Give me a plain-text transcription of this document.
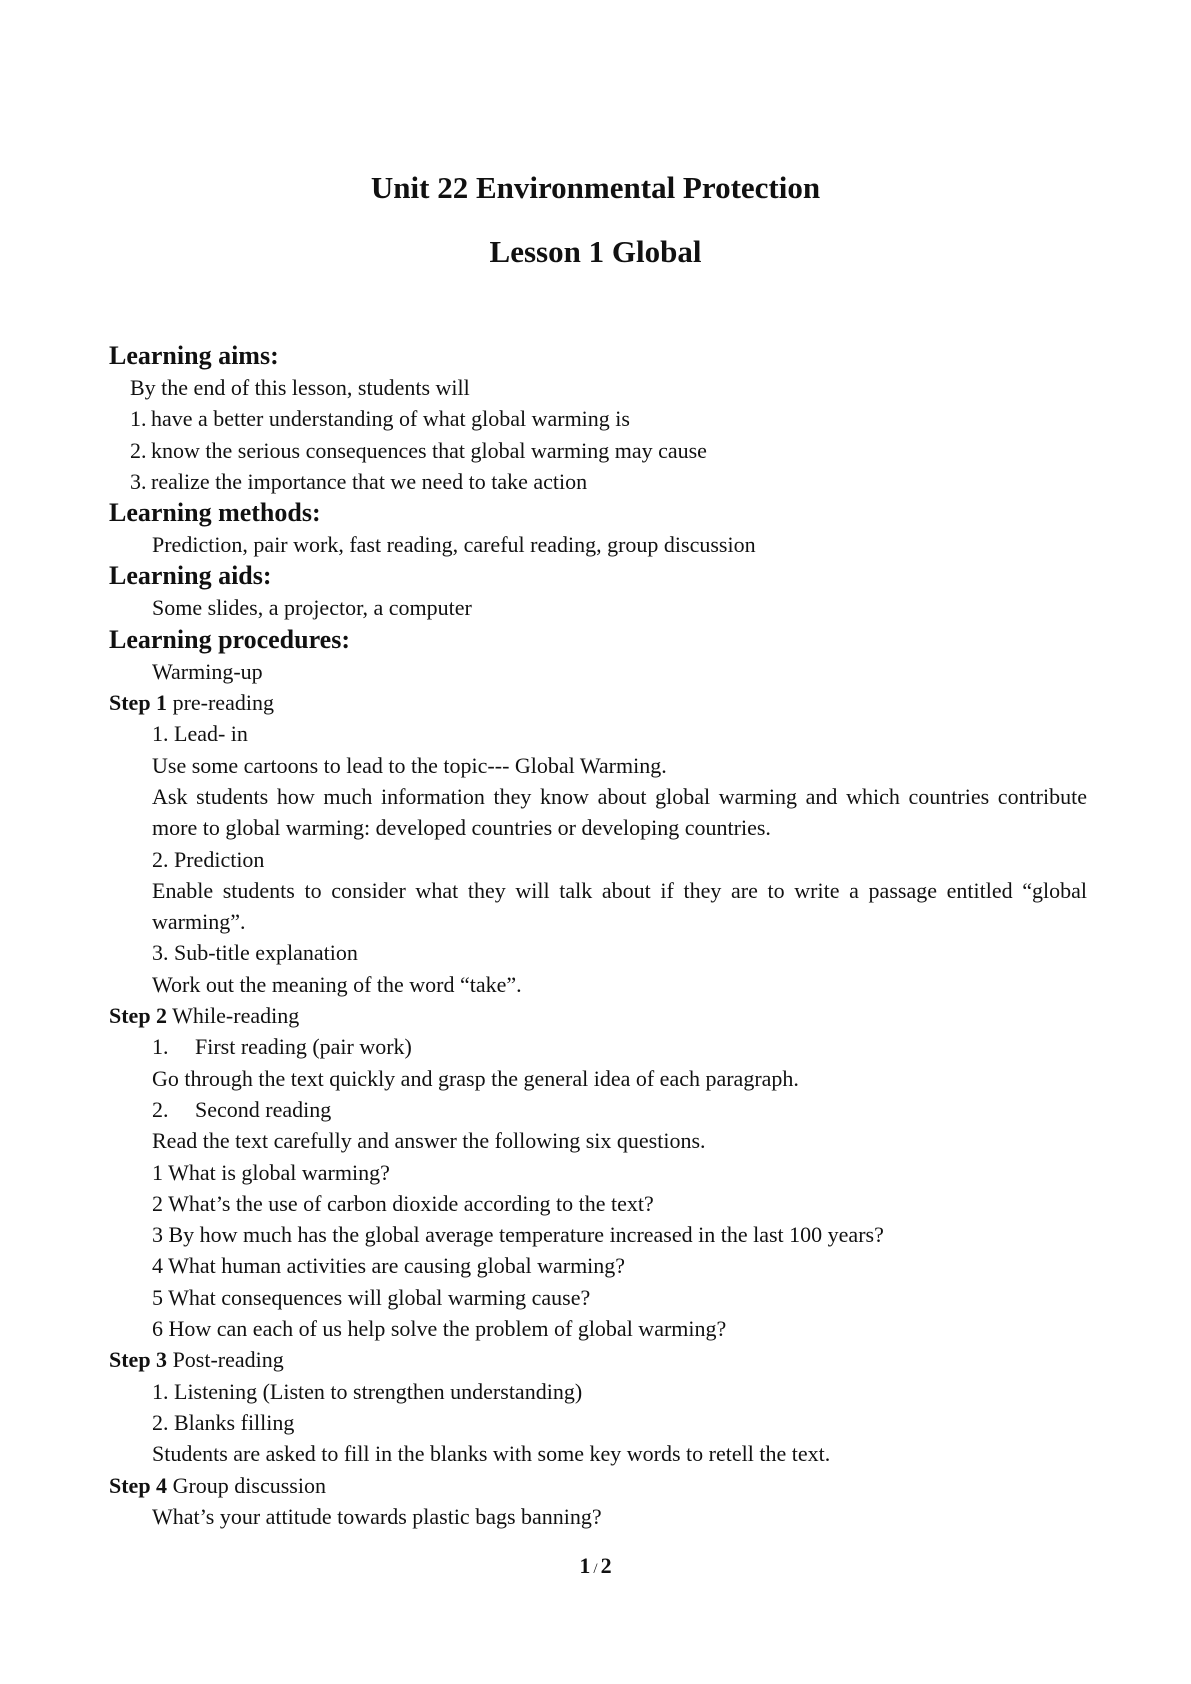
Unit 22 Environmental Protection
Lesson 1 Global
Learning aims:
By the end of this lesson, students will
1. have a better understanding of what global warming is
2. know the serious consequences that global warming may cause
3. realize the importance that we need to take action
Learning methods:
Prediction, pair work, fast reading, careful reading, group discussion
Learning aids:
Some slides, a projector, a computer
Learning procedures:
Warming-up
Step 1 pre-reading
1. Lead- in
Use some cartoons to lead to the topic--- Global Warming.
Ask students how much information they know about global warming and which countries contribute more to global warming: developed countries or developing countries.
2. Prediction
Enable students to consider what they will talk about if they are to write a passage entitled “global warming”.
3. Sub-title explanation
Work out the meaning of the word “take”.
Step 2 While-reading
1. First reading (pair work)
Go through the text quickly and grasp the general idea of each paragraph.
2. Second reading
Read the text carefully and answer the following six questions.
1 What is global warming?
2 What’s the use of carbon dioxide according to the text?
3 By how much has the global average temperature increased in the last 100 years?
4 What human activities are causing global warming?
5 What consequences will global warming cause?
6 How can each of us help solve the problem of global warming?
Step 3 Post-reading
1. Listening (Listen to strengthen understanding)
2. Blanks filling
Students are asked to fill in the blanks with some key words to retell the text.
Step 4 Group discussion
What’s your attitude towards plastic bags banning?
1 / 2
